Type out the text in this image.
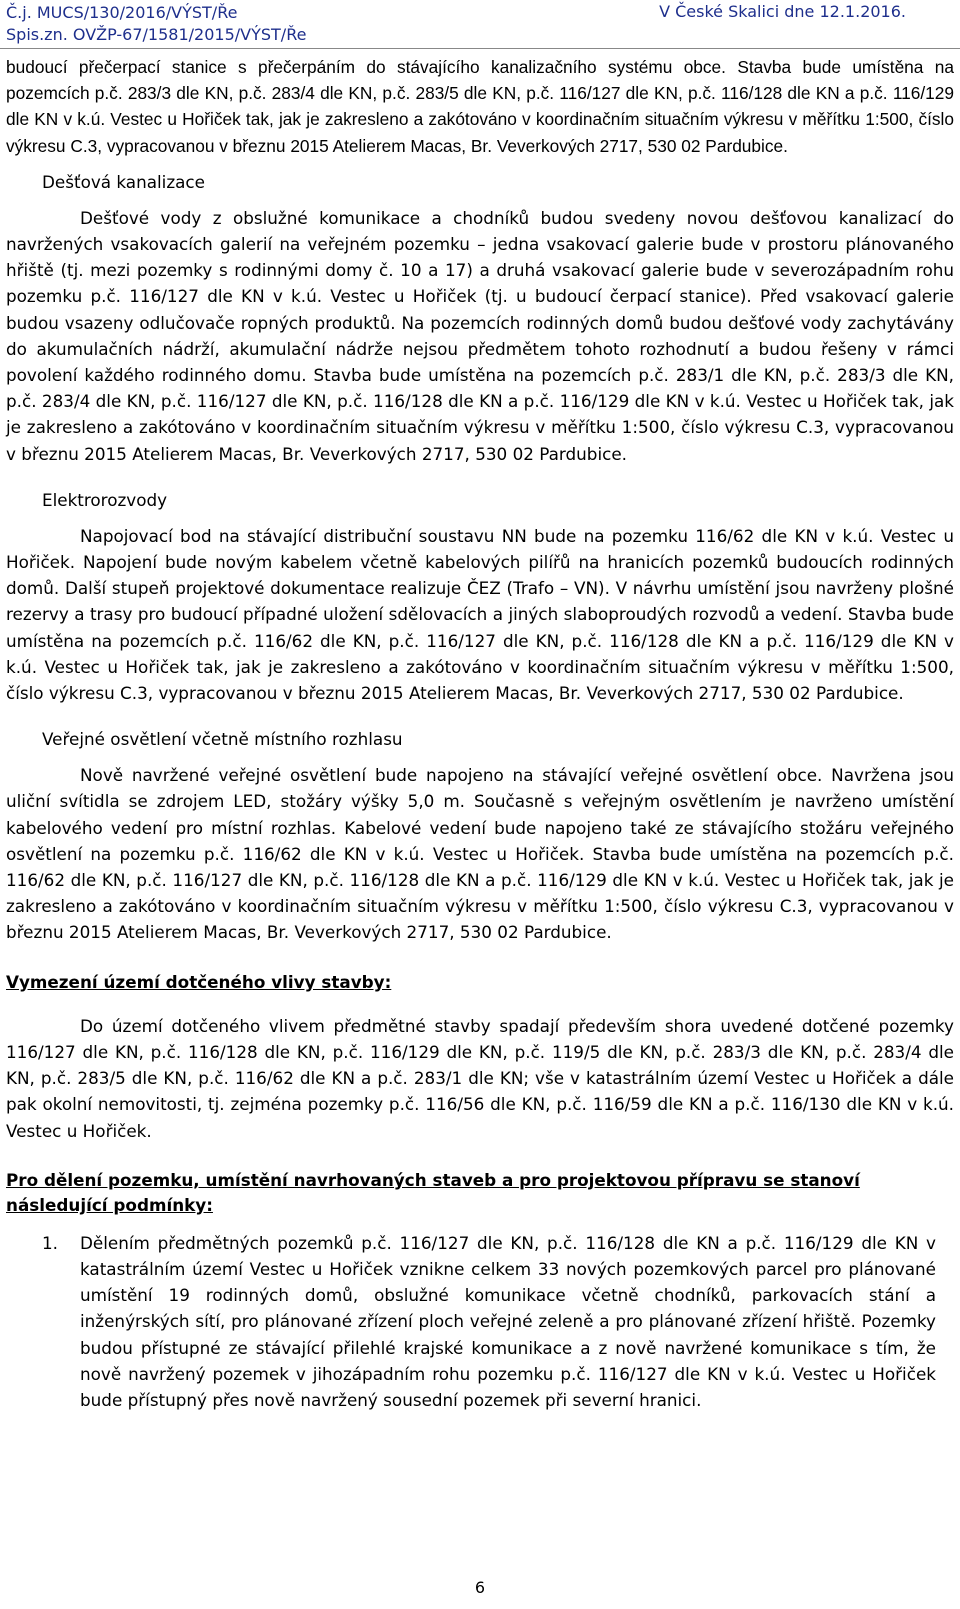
Č.j. MUCS/130/2016/VÝST/Ře
Spis.zn. OVŽP-67/1581/2015/VÝST/Ře
V České Skalici dne 12.1.2016.

budoucí přečerpací stanice s přečerpáním do stávajícího kanalizačního systému obce. Stavba bude umístěna na pozemcích p.č. 283/3 dle KN, p.č. 283/4 dle KN, p.č. 283/5 dle KN, p.č. 116/127 dle KN, p.č. 116/128 dle KN a p.č. 116/129 dle KN v k.ú. Vestec u Hořiček tak, jak je zakresleno a zakótováno v koordinačním situačním výkresu v měřítku 1:500, číslo výkresu C.3, vypracovanou v březnu 2015 Atelierem Macas, Br. Veverkových 2717, 530 02 Pardubice.

Dešťová kanalizace

Dešťové vody z obslužné komunikace a chodníků budou svedeny novou dešťovou kanalizací do navržených vsakovacích galerií na veřejném pozemku – jedna vsakovací galerie bude v prostoru plánovaného hřiště (tj. mezi pozemky s rodinnými domy č. 10 a 17) a druhá vsakovací galerie bude v severozápadním rohu pozemku p.č. 116/127 dle KN v k.ú. Vestec u Hořiček (tj. u budoucí čerpací stanice). Před vsakovací galerie budou vsazeny odlučovače ropných produktů. Na pozemcích rodinných domů budou dešťové vody zachytávány do akumulačních nádrží, akumulační nádrže nejsou předmětem tohoto rozhodnutí a budou řešeny v rámci povolení každého rodinného domu. Stavba bude umístěna na pozemcích p.č. 283/1 dle KN, p.č. 283/3 dle KN, p.č. 283/4 dle KN, p.č. 116/127 dle KN, p.č. 116/128 dle KN a p.č. 116/129 dle KN v k.ú. Vestec u Hořiček tak, jak je zakresleno a zakótováno v koordinačním situačním výkresu v měřítku 1:500, číslo výkresu C.3, vypracovanou v březnu 2015 Atelierem Macas, Br. Veverkových 2717, 530 02 Pardubice.

Elektrorozvody

Napojovací bod na stávající distribuční soustavu NN bude na pozemku 116/62 dle KN v k.ú. Vestec u Hořiček. Napojení bude novým kabelem včetně kabelových pilířů na hranicích pozemků budoucích rodinných domů. Další stupeň projektové dokumentace realizuje ČEZ (Trafo – VN). V návrhu umístění jsou navrženy plošné rezervy a trasy pro budoucí případné uložení sdělovacích a jiných slaboproudých rozvodů a vedení. Stavba bude umístěna na pozemcích p.č. 116/62 dle KN, p.č. 116/127 dle KN, p.č. 116/128 dle KN a p.č. 116/129 dle KN v k.ú. Vestec u Hořiček tak, jak je zakresleno a zakótováno v koordinačním situačním výkresu v měřítku 1:500, číslo výkresu C.3, vypracovanou v březnu 2015 Atelierem Macas, Br. Veverkových 2717, 530 02 Pardubice.

Veřejné osvětlení včetně místního rozhlasu

Nově navržené veřejné osvětlení bude napojeno na stávající veřejné osvětlení obce. Navržena jsou uliční svítidla se zdrojem LED, stožáry výšky 5,0 m. Současně s veřejným osvětlením je navrženo umístění kabelového vedení pro místní rozhlas. Kabelové vedení bude napojeno také ze stávajícího stožáru veřejného osvětlení na pozemku p.č. 116/62 dle KN v k.ú. Vestec u Hořiček. Stavba bude umístěna na pozemcích p.č. 116/62 dle KN, p.č. 116/127 dle KN, p.č. 116/128 dle KN a p.č. 116/129 dle KN v k.ú. Vestec u Hořiček tak, jak je zakresleno a zakótováno v koordinačním situačním výkresu v měřítku 1:500, číslo výkresu C.3, vypracovanou v březnu 2015 Atelierem Macas, Br. Veverkových 2717, 530 02 Pardubice.

Vymezení území dotčeného vlivy stavby:

Do území dotčeného vlivem předmětné stavby spadají především shora uvedené dotčené pozemky 116/127 dle KN, p.č. 116/128 dle KN, p.č. 116/129 dle KN, p.č. 119/5 dle KN, p.č. 283/3 dle KN, p.č. 283/4 dle KN, p.č. 283/5 dle KN, p.č. 116/62 dle KN a p.č. 283/1 dle KN; vše v katastrálním území Vestec u Hořiček a dále pak okolní nemovitosti, tj. zejména pozemky p.č. 116/56 dle KN, p.č. 116/59 dle KN a p.č. 116/130 dle KN v k.ú. Vestec u Hořiček.

Pro dělení pozemku, umístění navrhovaných staveb a pro projektovou přípravu se stanoví následující podmínky:

1.	Dělením předmětných pozemků p.č. 116/127 dle KN, p.č. 116/128 dle KN a p.č. 116/129 dle KN v katastrálním území Vestec u Hořiček vznikne celkem 33 nových pozemkových parcel pro plánované umístění 19 rodinných domů, obslužné komunikace včetně chodníků, parkovacích stání a inženýrských sítí, pro plánované zřízení ploch veřejné zeleně a pro plánované zřízení hřiště. Pozemky budou přístupné ze stávající přilehlé krajské komunikace a z nově navržené komunikace s tím, že nově navržený pozemek v jihozápadním rohu pozemku p.č. 116/127 dle KN v k.ú. Vestec u Hořiček bude přístupný přes nově navržený sousední pozemek při severní hranici.

6
